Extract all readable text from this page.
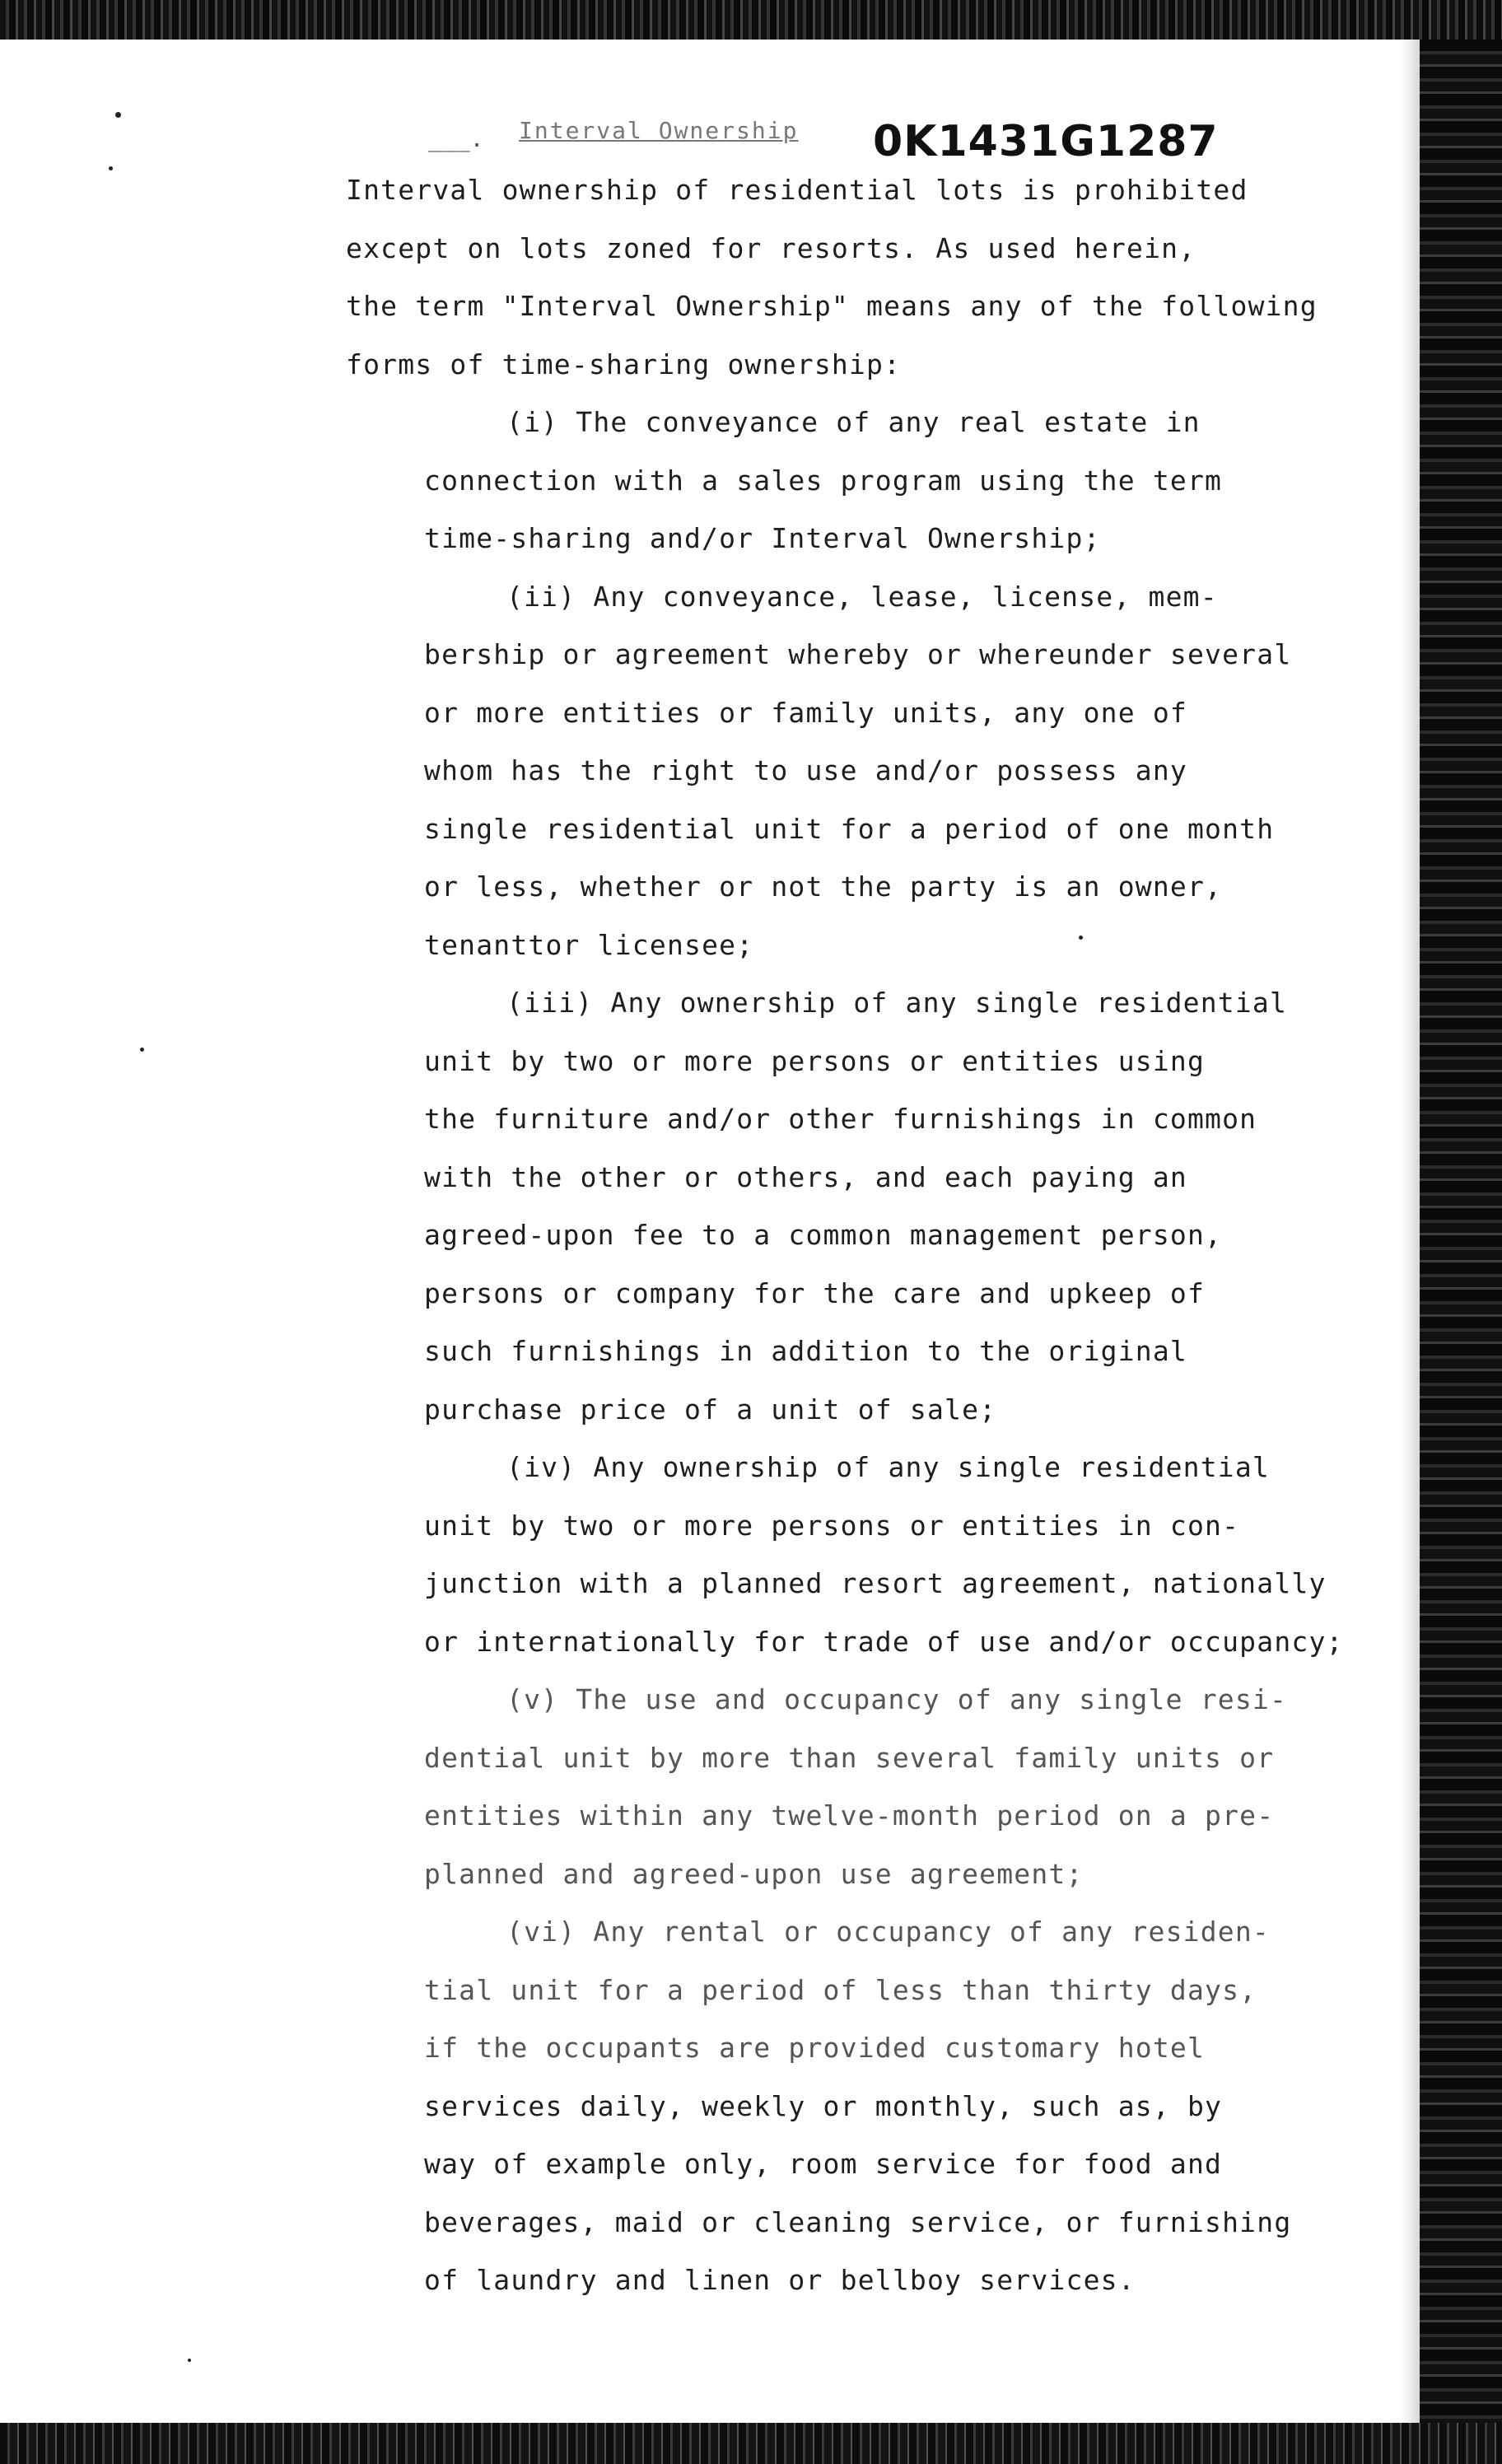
___. Interval Ownership 0K1431G1287
Interval ownership of residential lots is prohibited
except on lots zoned for resorts. As used herein,
the term "Interval Ownership" means any of the following
forms of time-sharing ownership:
(i) The conveyance of any real estate in
connection with a sales program using the term
time-sharing and/or Interval Ownership;
(ii) Any conveyance, lease, license, mem-
bership or agreement whereby or whereunder several
or more entities or family units, any one of
whom has the right to use and/or possess any
single residential unit for a period of one month
or less, whether or not the party is an owner,
tenanttor licensee;
(iii) Any ownership of any single residential
unit by two or more persons or entities using
the furniture and/or other furnishings in common
with the other or others, and each paying an
agreed-upon fee to a common management person,
persons or company for the care and upkeep of
such furnishings in addition to the original
purchase price of a unit of sale;
(iv) Any ownership of any single residential
unit by two or more persons or entities in con-
junction with a planned resort agreement, nationally
or internationally for trade of use and/or occupancy;
(v) The use and occupancy of any single resi-
dential unit by more than several family units or
entities within any twelve-month period on a pre-
planned and agreed-upon use agreement;
(vi) Any rental or occupancy of any residen-
tial unit for a period of less than thirty days,
if the occupants are provided customary hotel
services daily, weekly or monthly, such as, by
way of example only, room service for food and
beverages, maid or cleaning service, or furnishing
of laundry and linen or bellboy services.
